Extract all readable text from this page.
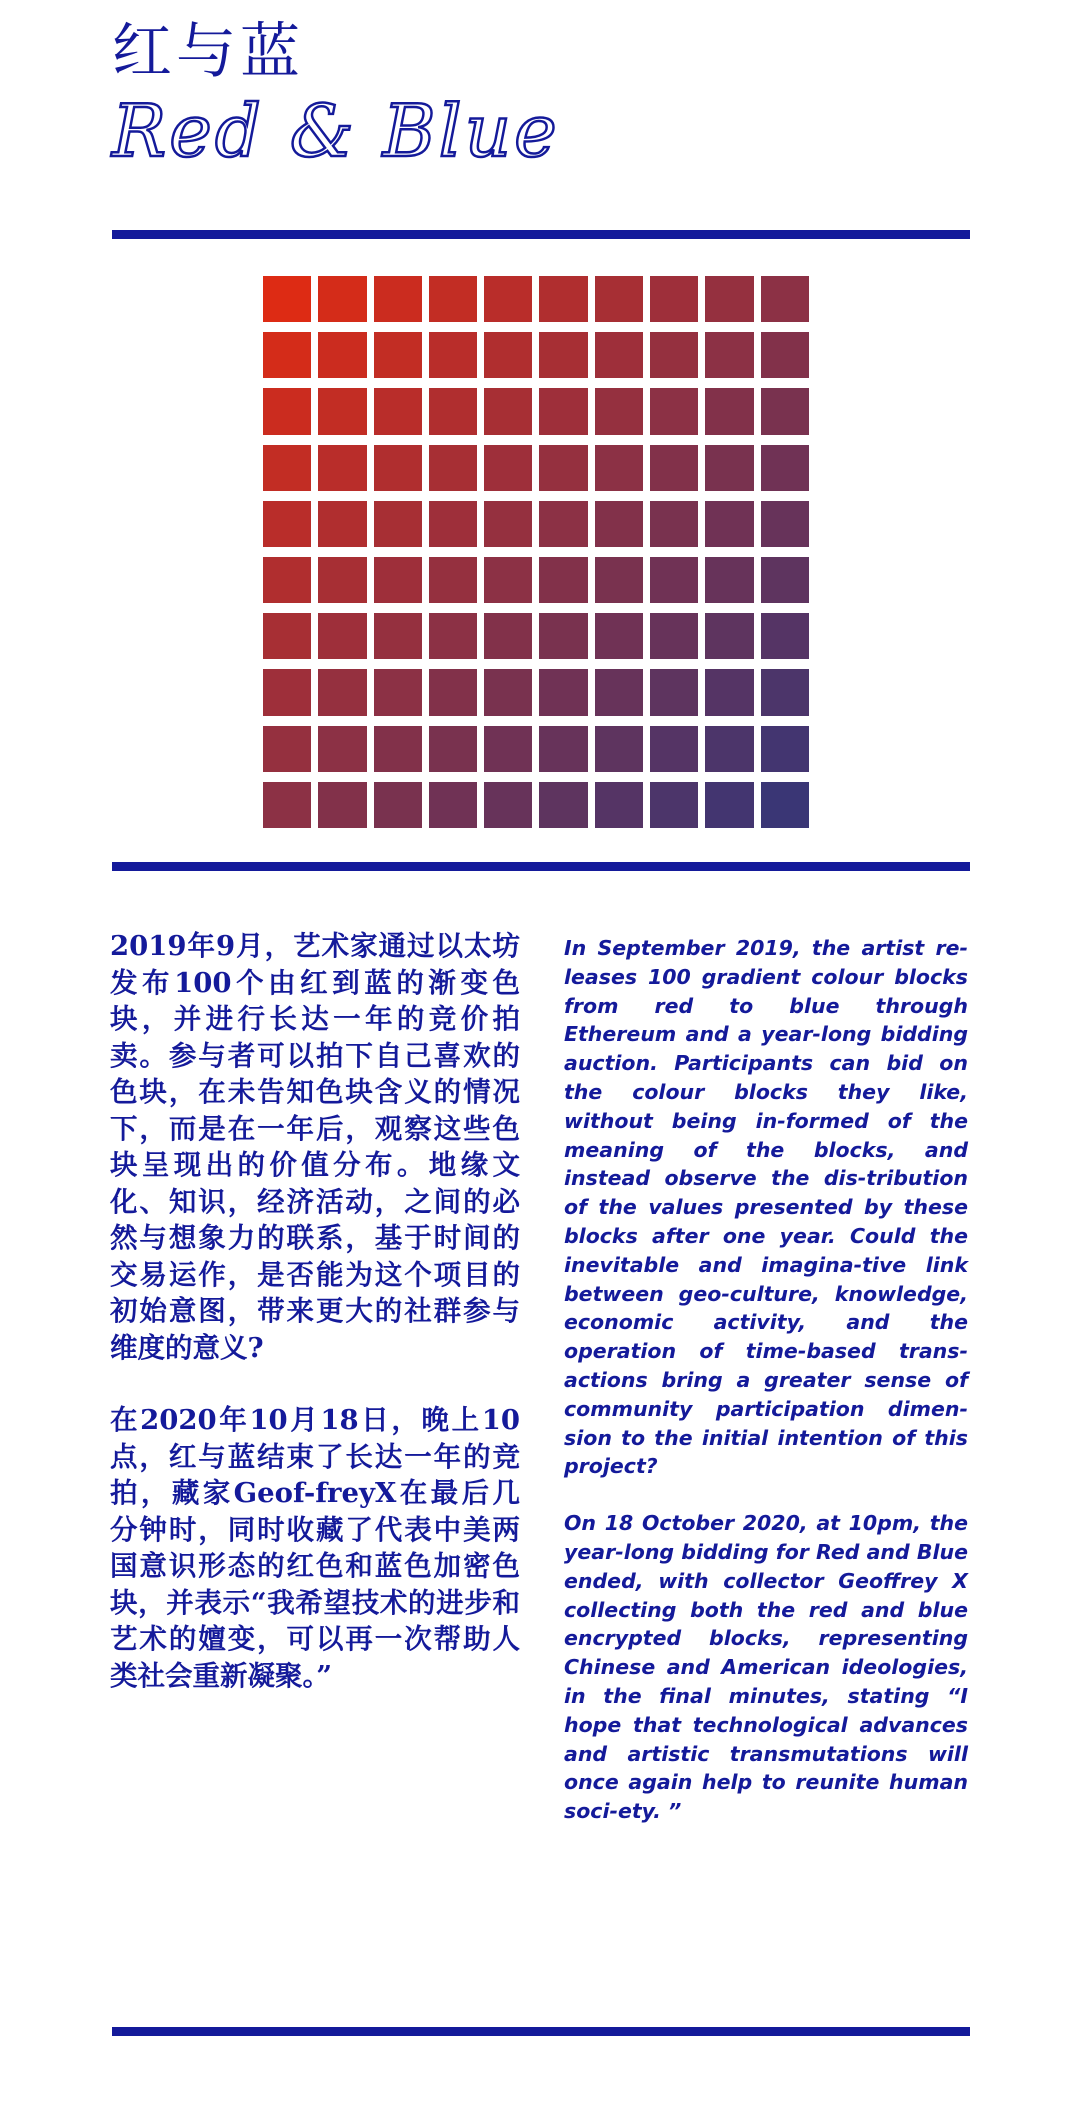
红与蓝
Red & Blue

2019年9月，艺术家通过以太坊发布100个由红到蓝的渐变色块，并进行长达一年的竞价拍卖。参与者可以拍下自己喜欢的色块，在未告知色块含义的情况下，而是在一年后，观察这些色块呈现出的价值分布。地缘文化、知识，经济活动，之间的必然与想象力的联系，基于时间的交易运作，是否能为这个项目的初始意图，带来更大的社群参与维度的意义?

在2020年10月18日，晚上10点，红与蓝结束了长达一年的竞拍，藏家Geof-freyX在最后几分钟时，同时收藏了代表中美两国意识形态的红色和蓝色加密色块，并表示“我希望技术的进步和艺术的嬗变，可以再一次帮助人类社会重新凝聚。”

In September 2019, the artist re-leases 100 gradient colour blocks from red to blue through Ethereum and a year-long bidding auction. Participants can bid on the colour blocks they like, without being in-formed of the meaning of the blocks, and instead observe the dis-tribution of the values presented by these blocks after one year. Could the inevitable and imagina-tive link between geo-culture, knowledge, economic activity, and the operation of time-based trans-actions bring a greater sense of community participation dimen-sion to the initial intention of this project?

On 18 October 2020, at 10pm, the year-long bidding for Red and Blue ended, with collector Geoffrey X collecting both the red and blue encrypted blocks, representing Chinese and American ideologies, in the final minutes, stating “I hope that technological advances and artistic transmutations will once again help to reunite human soci-ety. ”
